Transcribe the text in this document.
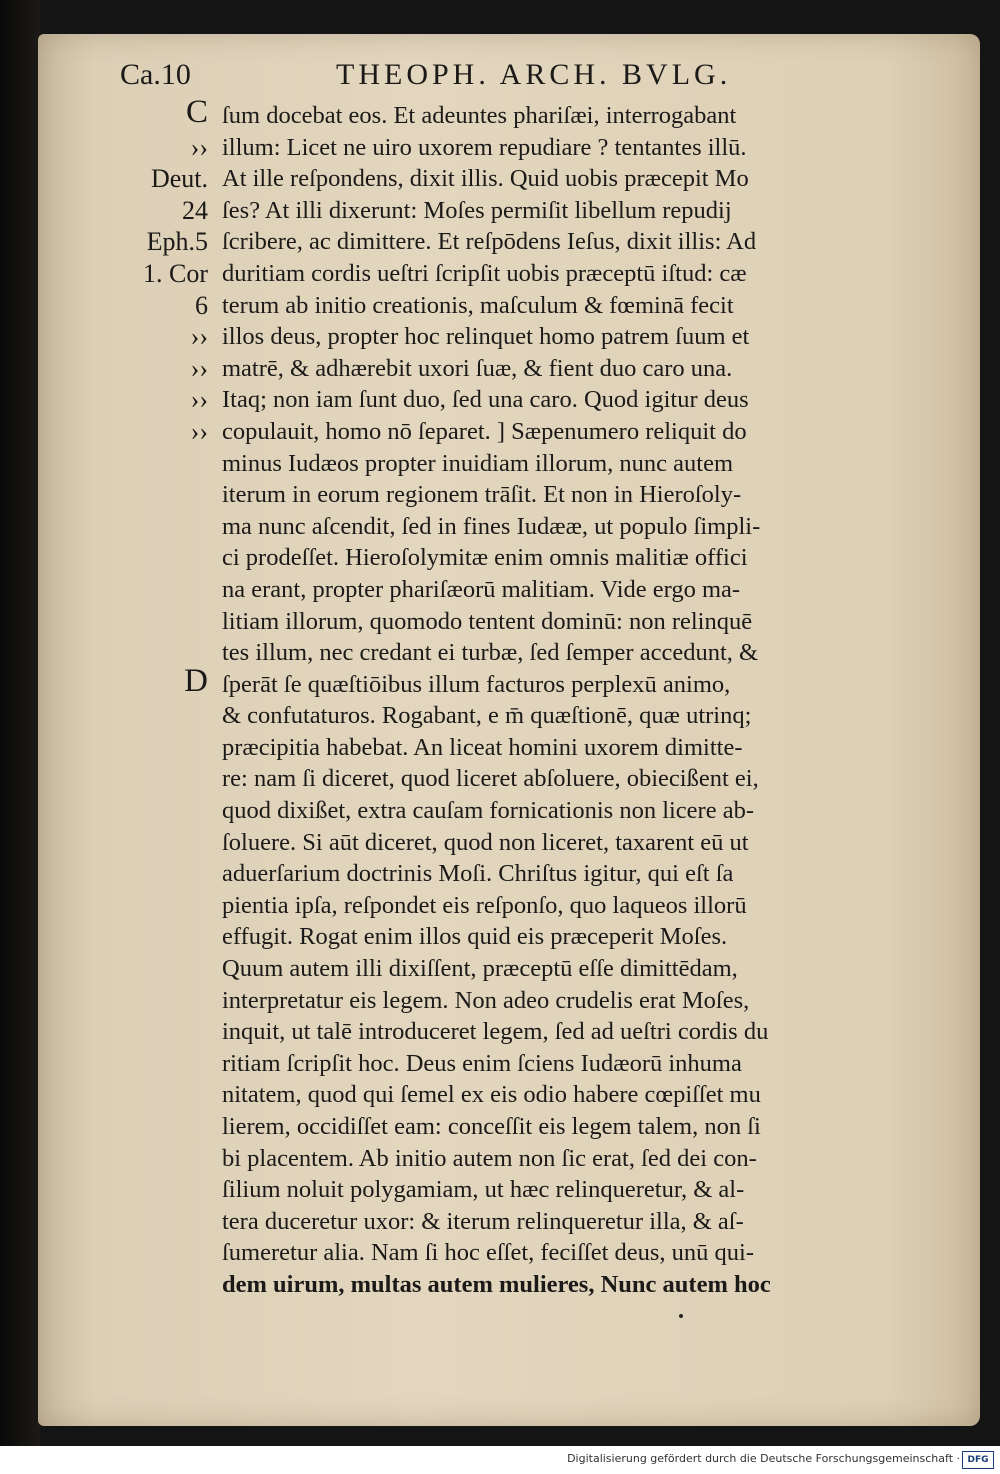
Ca.10	THEOPH. ARCH. BVLG.
C
››
Deut.
24
Eph.5
1. Cor
6
››
››
››
››
D
ſum docebat eos. Et adeuntes phariſæi, interrogabant
illum: Licet ne uiro uxorem repudiare ? tentantes illū.
At ille reſpondens, dixit illis. Quid uobis præcepit Mo
ſes? At illi dixerunt: Moſes permiſit libellum repudij
ſcribere, ac dimittere. Et reſpōdens Ieſus, dixit illis: Ad
duritiam cordis ueſtri ſcripſit uobis præceptū iſtud: cæ
terum ab initio creationis, maſculum & fœminā fecit
illos deus, propter hoc relinquet homo patrem ſuum et
matrē, & adhærebit uxori ſuæ, & fient duo caro una.
Itaq; non iam ſunt duo, ſed una caro. Quod igitur deus
copulauit, homo nō ſeparet. ] Sæpenumero reliquit do
minus Iudæos propter inuidiam illorum, nunc autem
iterum in eorum regionem trāſit. Et non in Hieroſoly-
ma nunc aſcendit, ſed in fines Iudææ, ut populo ſimpli-
ci prodeſſet. Hieroſolymitæ enim omnis malitiæ offici
na erant, propter phariſæorū malitiam. Vide ergo ma-
litiam illorum, quomodo tentent dominū: non relinquē
tes illum, nec credant ei turbæ, ſed ſemper accedunt, &
ſperāt ſe quæſtiōibus illum facturos perplexū animo,
& confutaturos. Rogabant, e m̄ quæſtionē, quæ utrinq;
præcipitia habebat. An liceat homini uxorem dimitte-
re: nam ſi diceret, quod liceret abſoluere, obiecißent ei,
quod dixißet, extra cauſam fornicationis non licere ab-
ſoluere. Si aūt diceret, quod non liceret, taxarent eū ut
aduerſarium doctrinis Moſi. Chriſtus igitur, qui eſt ſa
pientia ipſa, reſpondet eis reſponſo, quo laqueos illorū
effugit. Rogat enim illos quid eis præceperit Moſes.
Quum autem illi dixiſſent, præceptū eſſe dimittēdam,
interpretatur eis legem. Non adeo crudelis erat Moſes,
inquit, ut talē introduceret legem, ſed ad ueſtri cordis du
ritiam ſcripſit hoc. Deus enim ſciens Iudæorū inhuma
nitatem, quod qui ſemel ex eis odio habere cœpiſſet mu
lierem, occidiſſet eam: conceſſit eis legem talem, non ſi
bi placentem. Ab initio autem non ſic erat, ſed dei con-
ſilium noluit polygamiam, ut hæc relinqueretur, & al-
tera duceretur uxor: & iterum relinqueretur illa, & aſ-
ſumeretur alia. Nam ſi hoc eſſet, feciſſet deus, unū qui-
dem uirum, multas autem mulieres, Nunc autem hoc
Digitalisierung gefördert durch die Deutsche Forschungsgemeinschaft · DFG
